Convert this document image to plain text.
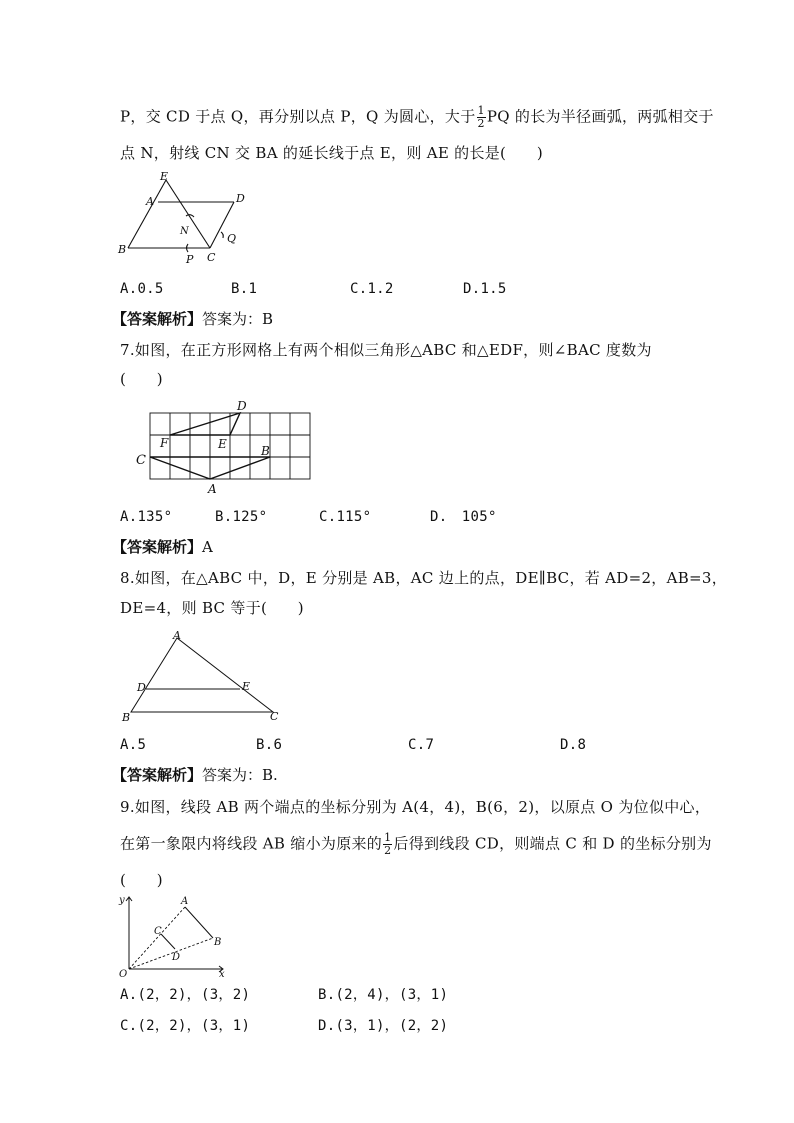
P，交 CD 于点 Q，再分别以点 P，Q 为圆心，大于 $\frac{1}{2}$ PQ 的长为半径画弧，两弧相交于
点 N，射线 CN 交 BA 的延长线于点 E，则 AE 的长是(　　)
E
A	D
N
Q
B
P C
A.0.5	B.1	C.1.2	D.1.5
【答案解析】答案为：B
7.如图，在正方形网格上有两个相似三角形△ABC 和△EDF，则∠BAC 度数为
(　　)
D
F	E	B
C
A
A.135°	B.125°	C.115°	D.　105°
【答案解析】A
8.如图，在△ABC 中，D，E 分别是 AB，AC 边上的点，DE∥BC，若 AD=2，AB=3，
DE=4，则 BC 等于(　　)
A
D	E
B	C
A.5	B.6	C.7	D.8
【答案解析】答案为：B.
9.如图，线段 AB 两个端点的坐标分别为 A(4，4)，B(6，2)，以原点 O 为位似中心，
在第一象限内将线段 AB 缩小为原来的 $\frac{1}{2}$ 后得到线段 CD，则端点 C 和 D 的坐标分别为
(　　)
y	A
C
B
D
O	x
A.(2，2)，(3，2)	B.(2，4)，(3，1)
C.(2，2)，(3，1)	D.(3，1)，(2，2)
